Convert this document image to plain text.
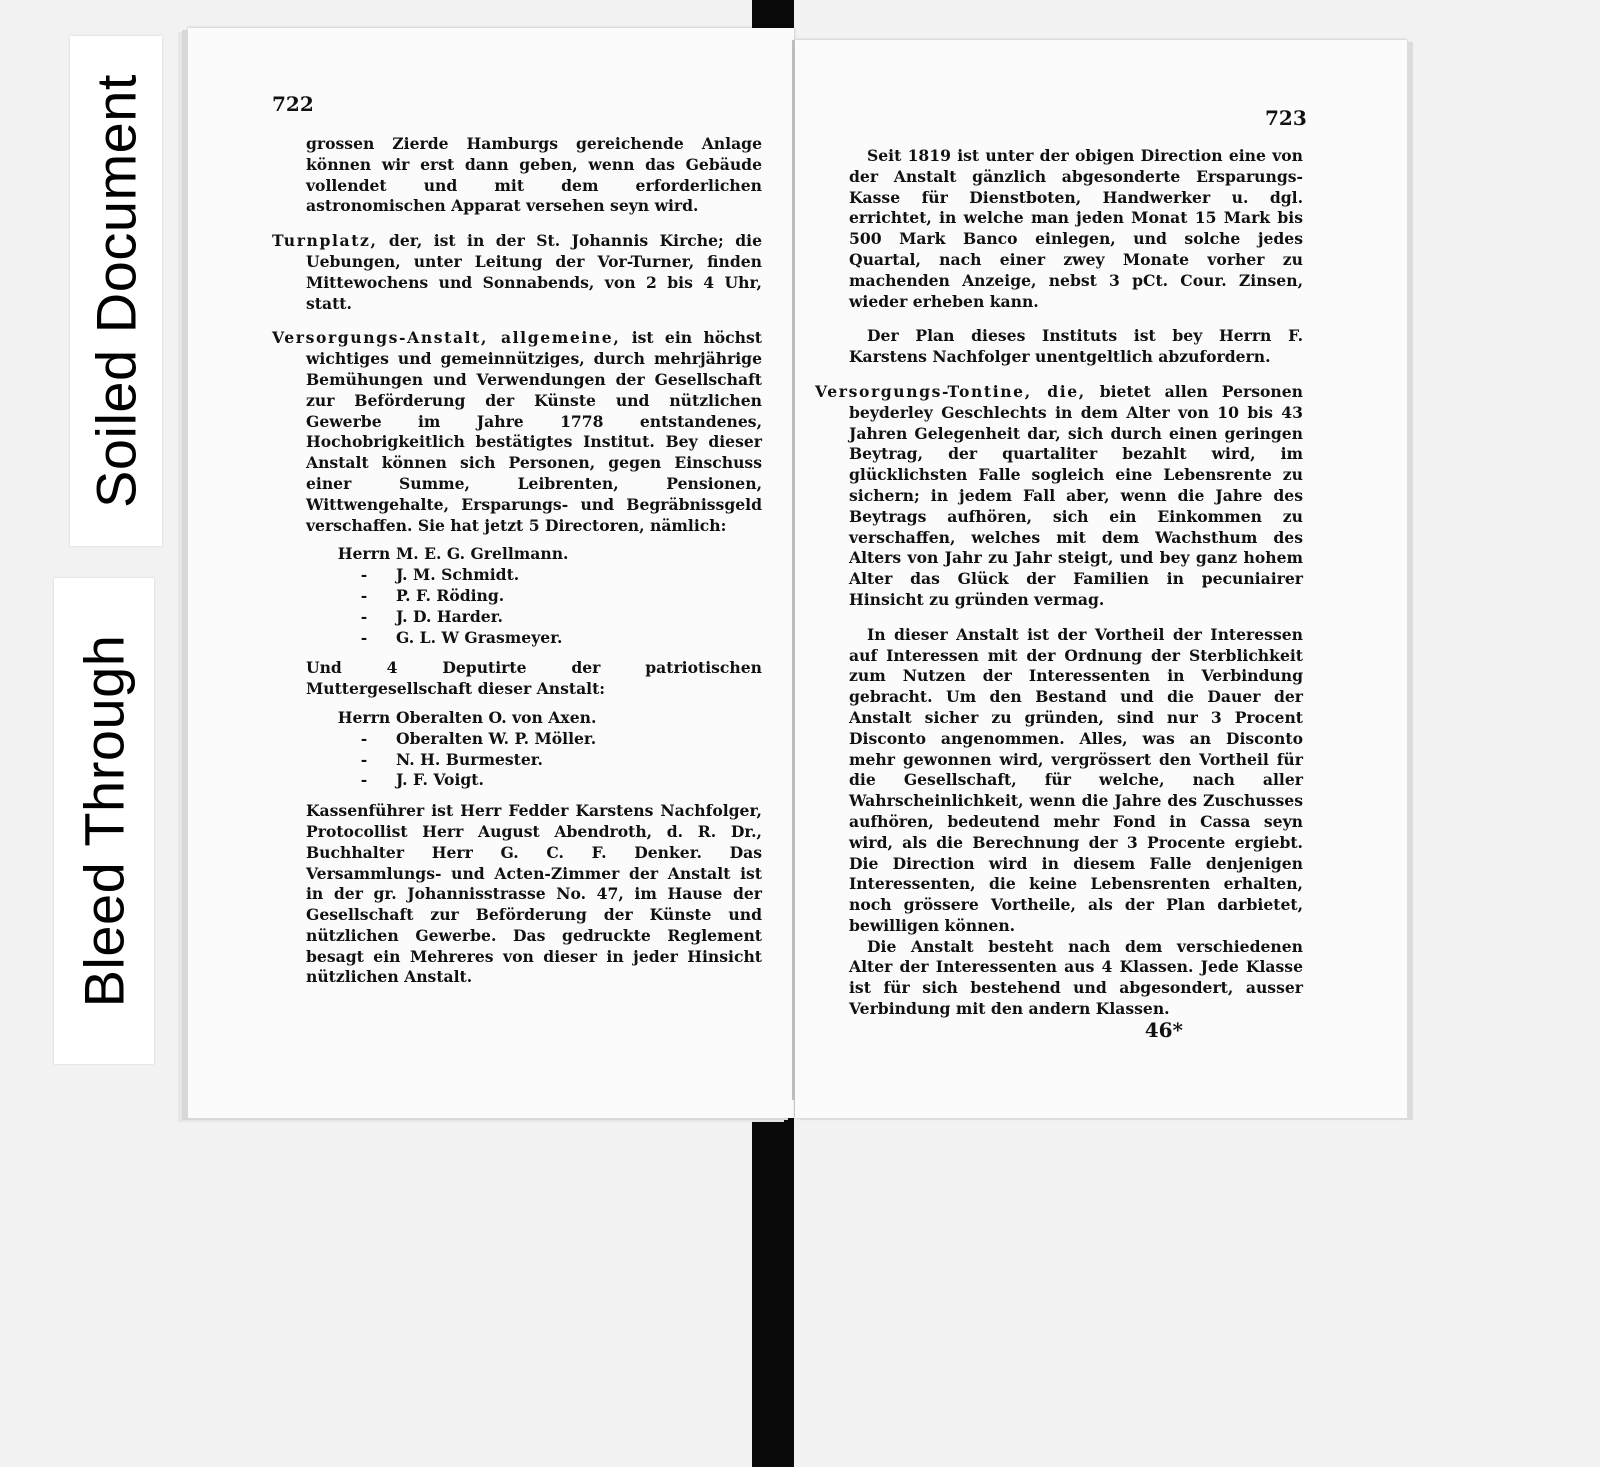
Soiled Document
Bleed Through
722

grossen Zierde Hamburgs gereichende Anlage können wir erst dann geben, wenn das Gebäude vollendet und mit dem erforderlichen astronomischen Apparat versehen seyn wird.

Turnplatz, der, ist in der St. Johannis Kirche; die Uebungen, unter Leitung der Vor-Turner, finden Mittewochens und Sonnabends, von 2 bis 4 Uhr, statt.

Versorgungs-Anstalt, allgemeine, ist ein höchst wichtiges und gemeinnütziges, durch mehrjährige Bemühungen und Verwendungen der Gesellschaft zur Beförderung der Künste und nützlichen Gewerbe im Jahre 1778 entstandenes, Hochobrigkeitlich bestätigtes Institut. Bey dieser Anstalt können sich Personen, gegen Einschuss einer Summe, Leibrenten, Pensionen, Wittwengehalte, Ersparungs- und Begräbnissgeld verschaffen. Sie hat jetzt 5 Directoren, nämlich:

Herrn M. E. G. Grellmann.
-	J. M. Schmidt.
-	P. F. Röding.
-	J. D. Harder.
-	G. L. W Grasmeyer.

Und 4 Deputirte der patriotischen Muttergesellschaft dieser Anstalt:

Herrn Oberalten O. von Axen.
-	Oberalten W. P. Möller.
-	N. H. Burmester.
-	J. F. Voigt.

Kassenführer ist Herr Fedder Karstens Nachfolger, Protocollist Herr August Abendroth, d. R. Dr., Buchhalter Herr G. C. F. Denker. Das Versammlungs- und Acten-Zimmer der Anstalt ist in der gr. Johannisstrasse No. 47, im Hause der Gesellschaft zur Beförderung der Künste und nützlichen Gewerbe. Das gedruckte Reglement besagt ein Mehreres von dieser in jeder Hinsicht nützlichen Anstalt.

723

Seit 1819 ist unter der obigen Direction eine von der Anstalt gänzlich abgesonderte Ersparungs-Kasse für Dienstboten, Handwerker u. dgl. errichtet, in welche man jeden Monat 15 Mark bis 500 Mark Banco einlegen, und solche jedes Quartal, nach einer zwey Monate vorher zu machenden Anzeige, nebst 3 pCt. Cour. Zinsen, wieder erheben kann.

Der Plan dieses Instituts ist bey Herrn F. Karstens Nachfolger unentgeltlich abzufordern.

Versorgungs-Tontine, die, bietet allen Personen beyderley Geschlechts in dem Alter von 10 bis 43 Jahren Gelegenheit dar, sich durch einen geringen Beytrag, der quartaliter bezahlt wird, im glücklichsten Falle sogleich eine Lebensrente zu sichern; in jedem Fall aber, wenn die Jahre des Beytrags aufhören, sich ein Einkommen zu verschaffen, welches mit dem Wachsthum des Alters von Jahr zu Jahr steigt, und bey ganz hohem Alter das Glück der Familien in pecuniairer Hinsicht zu gründen vermag.

In dieser Anstalt ist der Vortheil der Interessen auf Interessen mit der Ordnung der Sterblichkeit zum Nutzen der Interessenten in Verbindung gebracht. Um den Bestand und die Dauer der Anstalt sicher zu gründen, sind nur 3 Procent Disconto angenommen. Alles, was an Disconto mehr gewonnen wird, vergrössert den Vortheil für die Gesellschaft, für welche, nach aller Wahrscheinlichkeit, wenn die Jahre des Zuschusses aufhören, bedeutend mehr Fond in Cassa seyn wird, als die Berechnung der 3 Procente ergiebt. Die Direction wird in diesem Falle denjenigen Interessenten, die keine Lebensrenten erhalten, noch grössere Vortheile, als der Plan darbietet, bewilligen können.

Die Anstalt besteht nach dem verschiedenen Alter der Interessenten aus 4 Klassen. Jede Klasse ist für sich bestehend und abgesondert, ausser Verbindung mit den andern Klassen.

46*
